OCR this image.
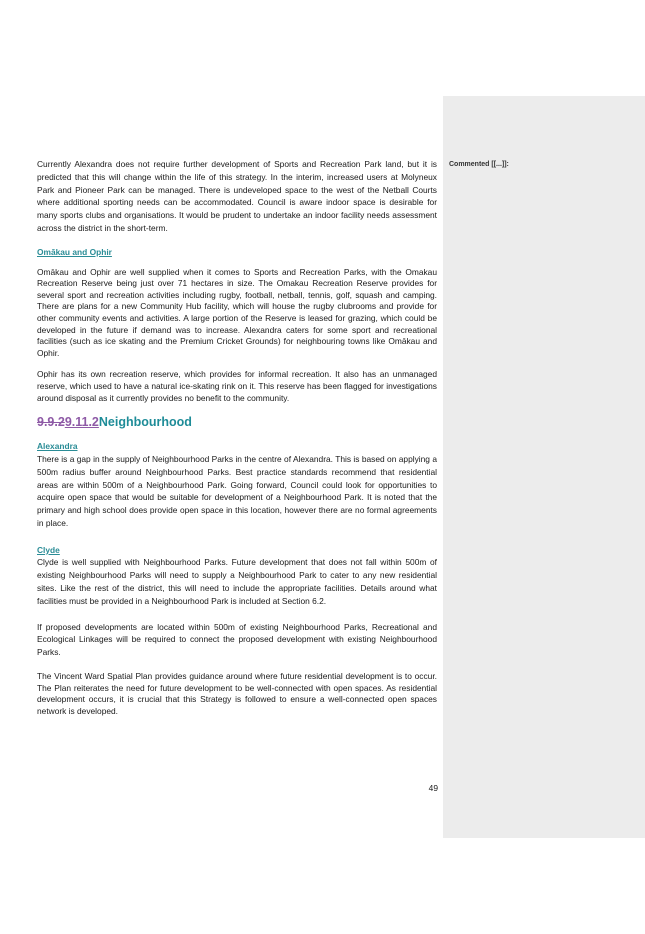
Commented [[...]]:

Currently Alexandra does not require further development of Sports and Recreation Park land, but it is predicted that this will change within the life of this strategy. In the interim, increased users at Molyneux Park and Pioneer Park can be managed. There is undeveloped space to the west of the Netball Courts where additional sporting needs can be accommodated. Council is aware indoor space is desirable for many sports clubs and organisations. It would be prudent to undertake an indoor facility needs assessment across the district in the short-term.

Omākau and Ophir

Omākau and Ophir are well supplied when it comes to Sports and Recreation Parks, with the Omakau Recreation Reserve being just over 71 hectares in size. The Omakau Recreation Reserve provides for several sport and recreation activities including rugby, football, netball, tennis, golf, squash and camping. There are plans for a new Community Hub facility, which will house the rugby clubrooms and provide for other community events and activities. A large portion of the Reserve is leased for grazing, which could be developed in the future if demand was to increase. Alexandra caters for some sport and recreational facilities (such as ice skating and the Premium Cricket Grounds) for neighbouring towns like Omākau and Ophir.

Ophir has its own recreation reserve, which provides for informal recreation. It also has an unmanaged reserve, which used to have a natural ice-skating rink on it. This reserve has been flagged for investigations around disposal as it currently provides no benefit to the community.

9.9.29.11.2Neighbourhood

Alexandra

There is a gap in the supply of Neighbourhood Parks in the centre of Alexandra. This is based on applying a 500m radius buffer around Neighbourhood Parks. Best practice standards recommend that residential areas are within 500m of a Neighbourhood Park. Going forward, Council could look for opportunities to acquire open space that would be suitable for development of a Neighbourhood Park. It is noted that the primary and high school does provide open space in this location, however there are no formal agreements in place.

Clyde

Clyde is well supplied with Neighbourhood Parks. Future development that does not fall within 500m of existing Neighbourhood Parks will need to supply a Neighbourhood Park to cater to any new residential sites. Like the rest of the district, this will need to include the appropriate facilities. Details around what facilities must be provided in a Neighbourhood Park is included at Section 6.2.

If proposed developments are located within 500m of existing Neighbourhood Parks, Recreational and Ecological Linkages will be required to connect the proposed development with existing Neighbourhood Parks.

The Vincent Ward Spatial Plan provides guidance around where future residential development is to occur. The Plan reiterates the need for future development to be well-connected with open spaces. As residential development occurs, it is crucial that this Strategy is followed to ensure a well-connected open spaces network is developed.

49
